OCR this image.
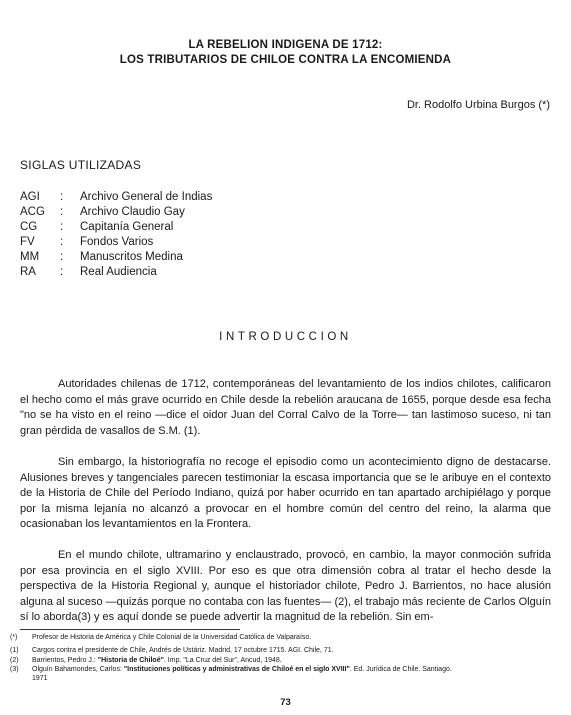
LA REBELION INDIGENA DE 1712:
LOS TRIBUTARIOS DE CHILOE CONTRA LA ENCOMIENDA
Dr. Rodolfo Urbina Burgos (*)
SIGLAS UTILIZADAS
AGI	: Archivo General de Indias
ACG	: Archivo Claudio Gay
CG	: Capitanía General
FV	: Fondos Varios
MM	: Manuscritos Medina
RA	: Real Audiencia
INTRODUCCION

Autoridades chilenas de 1712, contemporáneas del levantamiento de los indios chilotes, calificaron el hecho como el más grave ocurrido en Chile desde la rebelión araucana de 1655, porque desde esa fecha "no se ha visto en el reino —dice el oidor Juan del Corral Calvo de la Torre— tan lastimoso suceso, ni tan gran pérdida de vasallos de S.M. (1).

Sin embargo, la historiografía no recoge el episodio como un acontecimiento digno de destacarse. Alusiones breves y tangenciales parecen testimoniar la escasa importancia que se le aribuye en el contexto de la Historia de Chile del Período Indiano, quizá por haber ocurrido en tan apartado archipiélago y porque por la misma lejanía no alcanzó a provocar en el hombre común del centro del reino, la alarma que ocasionaban los levantamientos en la Frontera.

En el mundo chilote, ultramarino y enclaustrado, provocó, en cambio, la mayor conmoción sufrida por esa provincia en el siglo XVIII. Por eso es que otra dimensión cobra al tratar el hecho desde la perspectiva de la Historia Regional y, aunque el historiador chilote, Pedro J. Barrientos, no hace alusión alguna al suceso —quizás porque no contaba con las fuentes— (2), el trabajo más reciente de Carlos Olguín sí lo aborda(3) y es aquí donde se puede advertir la magnitud de la rebelión. Sin em-

(*) Profesor de Historia de América y Chile Colonial de la Universidad Católica de Valparaíso.
(1) Cargos contra el presidente de Chile, Andrés de Ustáriz. Madrid, 17 octubre 1715. AGI. Chile, 71.
(2) Barrientos, Pedro J.: "Historia de Chiloé". Imp. "La Cruz del Sur", Ancud, 1948.
(3) Olguín Bahamondes, Carlos: "Instituciones políticas y administrativas de Chiloé en el siglo XVIII". Ed. Jurídica de Chile. Santiago.
1971
73
